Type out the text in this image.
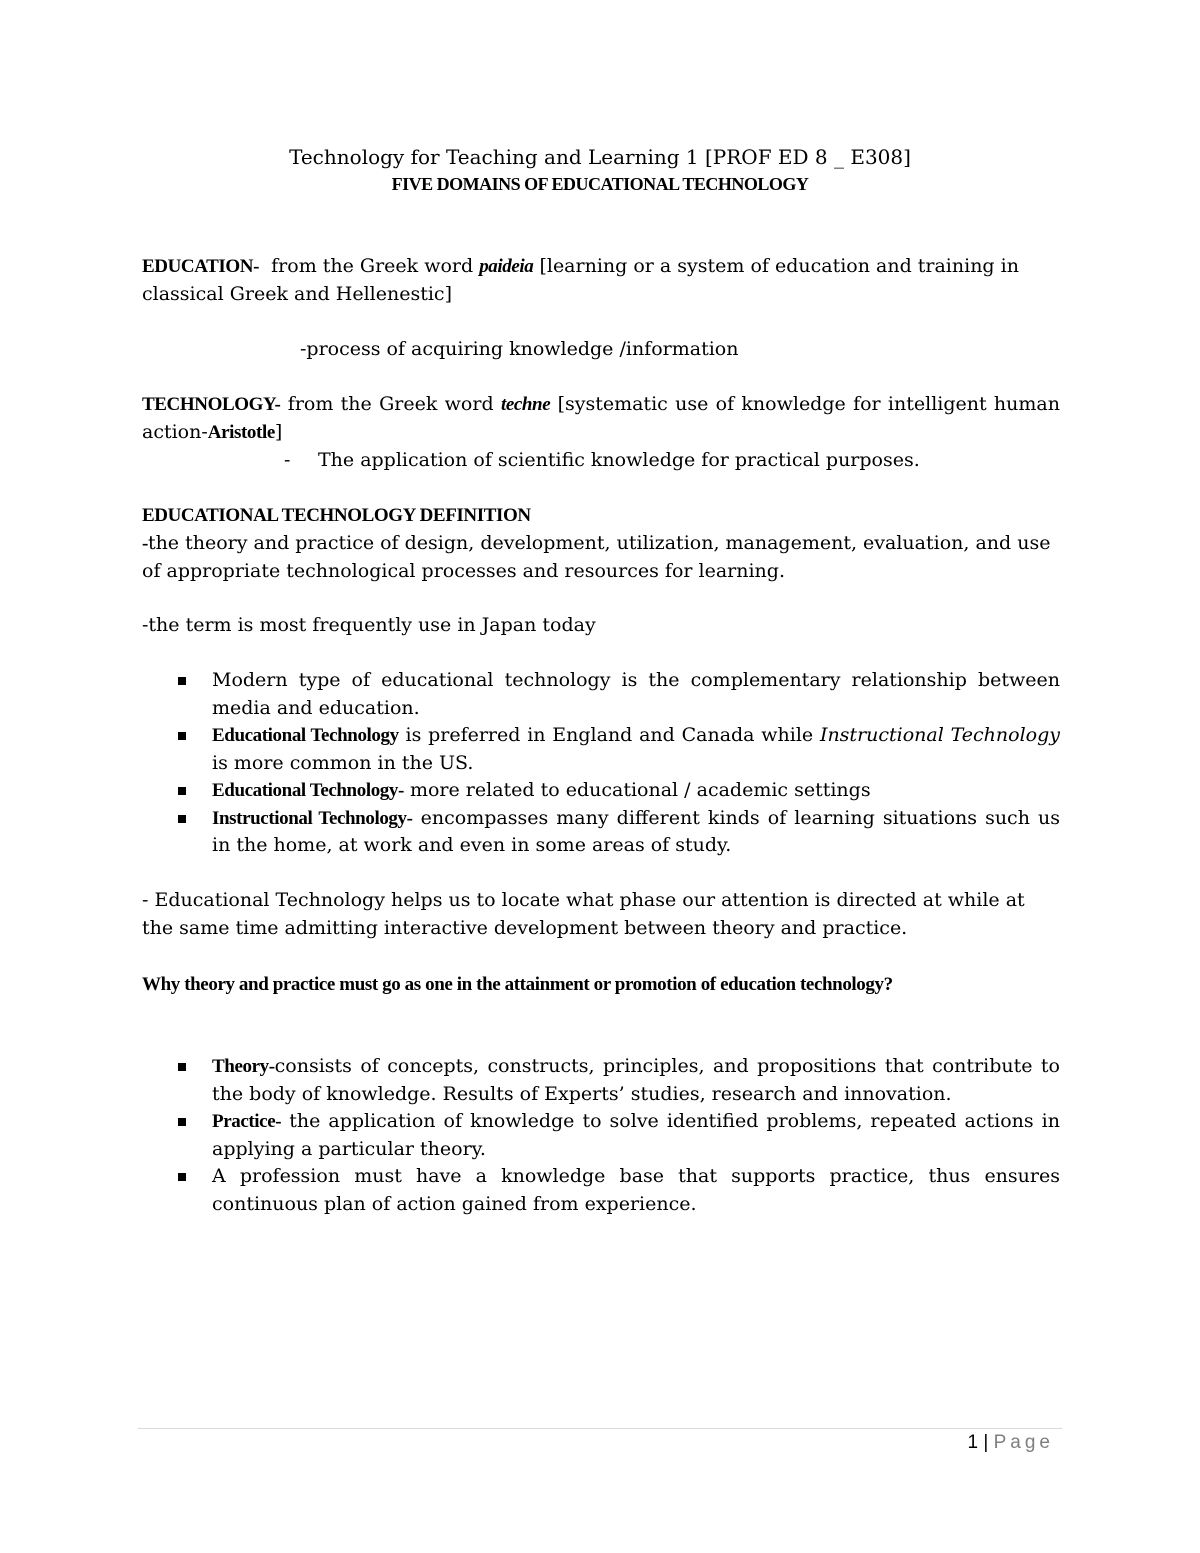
Technology for Teaching and Learning 1 [PROF ED 8 _ E308]
FIVE DOMAINS OF EDUCATIONAL TECHNOLOGY
EDUCATION- from the Greek word paideia [learning or a system of education and training in classical Greek and Hellenestic]
-process of acquiring knowledge /information
TECHNOLOGY- from the Greek word techne [systematic use of knowledge for intelligent human action-Aristotle]
- The application of scientific knowledge for practical purposes.
EDUCATIONAL TECHNOLOGY DEFINITION
-the theory and practice of design, development, utilization, management, evaluation, and use of appropriate technological processes and resources for learning.
-the term is most frequently use in Japan today
Modern type of educational technology is the complementary relationship between media and education.
Educational Technology is preferred in England and Canada while Instructional Technology is more common in the US.
Educational Technology- more related to educational / academic settings
Instructional Technology- encompasses many different kinds of learning situations such us in the home, at work and even in some areas of study.
- Educational Technology helps us to locate what phase our attention is directed at while at the same time admitting interactive development between theory and practice.
Why theory and practice must go as one in the attainment or promotion of education technology?
Theory-consists of concepts, constructs, principles, and propositions that contribute to the body of knowledge. Results of Experts’ studies, research and innovation.
Practice- the application of knowledge to solve identified problems, repeated actions in applying a particular theory.
A profession must have a knowledge base that supports practice, thus ensures continuous plan of action gained from experience.
1 | Page
